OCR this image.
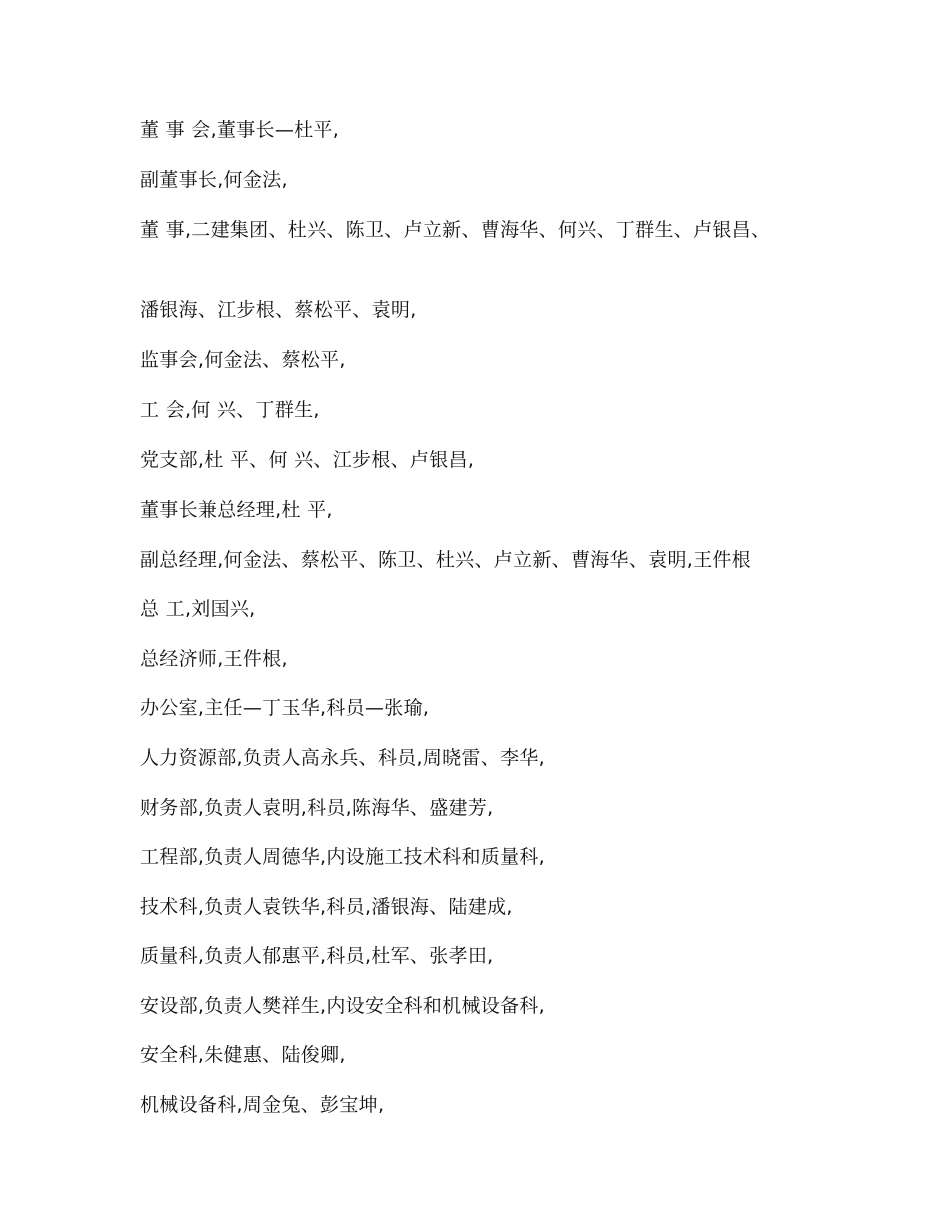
董 事 会,董事长—杜平,

副董事长,何金法,

董 事,二建集团、杜兴、陈卫、卢立新、曹海华、何兴、丁群生、卢银昌、

潘银海、江步根、蔡松平、袁明,

监事会,何金法、蔡松平,

工 会,何 兴、丁群生,

党支部,杜 平、何 兴、江步根、卢银昌,

董事长兼总经理,杜 平,

副总经理,何金法、蔡松平、陈卫、杜兴、卢立新、曹海华、袁明,王件根

总 工,刘国兴,

总经济师,王件根,

办公室,主任—丁玉华,科员—张瑜,

人力资源部,负责人高永兵、科员,周晓雷、李华,

财务部,负责人袁明,科员,陈海华、盛建芳,

工程部,负责人周德华,内设施工技术科和质量科,

技术科,负责人袁铁华,科员,潘银海、陆建成,

质量科,负责人郁惠平,科员,杜军、张孝田,

安设部,负责人樊祥生,内设安全科和机械设备科,

安全科,朱健惠、陆俊卿,

机械设备科,周金兔、彭宝坤,
